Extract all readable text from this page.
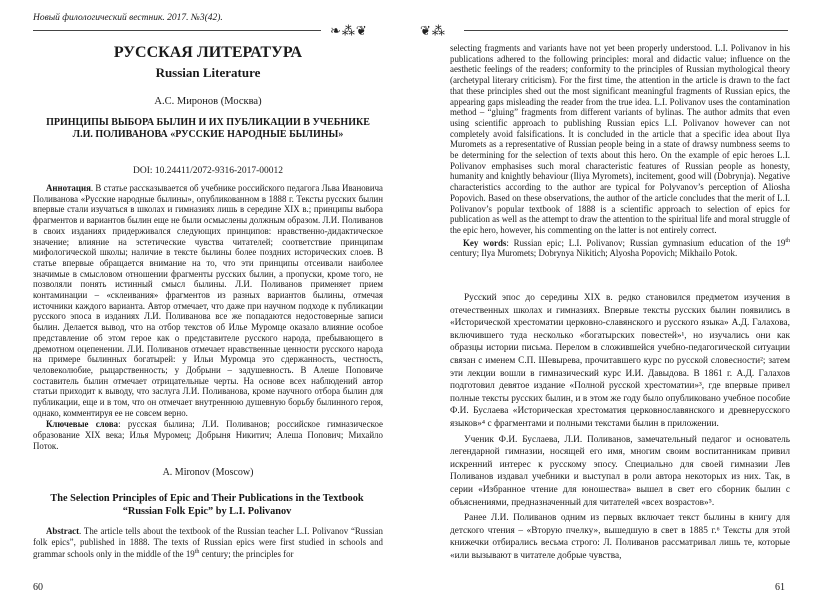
Новый филологический вестник. 2017. №3(42).
❧⁂❦
РУССКАЯ ЛИТЕРАТУРА
Russian Literature
А.С. Миронов (Москва)
ПРИНЦИПЫ ВЫБОРА БЫЛИН И ИХ ПУБЛИКАЦИИ В УЧЕБНИКЕ Л.И. ПОЛИВАНОВА «РУССКИЕ НАРОДНЫЕ БЫЛИНЫ»
DOI: 10.24411/2072-9316-2017-00012

Аннотация. В статье рассказывается об учебнике российского педагога Льва Ивановича Поливанова «Русские народные былины», опубликованном в 1888 г. Тексты русских былин впервые стали изучаться в школах и гимназиях лишь в середине XIX в.; принципы выбора фрагментов и вариантов былин еще не были осмыслены должным образом. Л.И. Поливанов в своих изданиях придерживался следующих принципов: нравственно-дидактическое значение; влияние на эстетические чувства читателей; соответствие принципам мифологической школы; наличие в тексте былины более поздних исторических слоев. В статье впервые обращается внимание на то, что эти принципы отсеивали наиболее значимые в смысловом отношении фрагменты русских былин, а пропуски, кроме того, не позволяли понять истинный смысл былины. Л.И. Поливанов применяет прием контаминации – «склеивания» фрагментов из разных вариантов былины, отмечая источники каждого варианта. Автор отмечает, что даже при научном подходе к публикации русского эпоса в изданиях Л.И. Поливанова все же попадаются недостоверные записи былин. Делается вывод, что на отбор текстов об Илье Муромце оказало влияние особое представление об этом герое как о представителе русского народа, пребывающего в дремотном оцепенении. Л.И. Поливанов отмечает нравственные ценности русского народа на примере былинных богатырей: у Ильи Муромца это сдержанность, честность, человеколюбие, рыцарственность; у Добрыни – задушевность. В Алеше Поповиче составитель былин отмечает отрицательные черты. На основе всех наблюдений автор статьи приходит к выводу, что заслуга Л.И. Поливанова, кроме научного отбора былин для публикации, еще и в том, что он отмечает внутреннюю душевную борьбу былинного героя, однако, комментируя ее не совсем верно.

Ключевые слова: русская былина; Л.И. Поливанов; российское гимназическое образование XIX века; Илья Муромец; Добрыня Никитич; Алеша Попович; Михайло Поток.

A. Mironov (Moscow)
The Selection Principles of Epic and Their Publications in the Textbook “Russian Folk Epic” by L.I. Polivanov

Abstract. The article tells about the textbook of the Russian teacher L.I. Polivanov “Russian folk epics”, published in 1888. The texts of Russian epics were first studied in schools and grammar schools only in the middle of the 19th century; the principles for

60
❦⁂

selecting fragments and variants have not yet been properly understood. L.I. Polivanov in his publications adhered to the following principles: moral and didactic value; influence on the aesthetic feelings of the readers; conformity to the principles of Russian mythological theory (archetypal literary criticism). For the first time, the attention in the article is drawn to the fact that these principles shed out the most significant meaningful fragments of Russian epics, the appearing gaps misleading the reader from the true idea. L.I. Polivanov uses the contamination method – “gluing” fragments from different variants of bylinas. The author admits that even using scientific approach to publishing Russian epics L.I. Polivanov however can not completely avoid falsifications. It is concluded in the article that a specific idea about Ilya Muromets as a representative of Russian people being in a state of drawsy numbness seems to be determining for the selection of texts about this hero. On the example of epic heroes L.I. Polivanov emphasises such moral characteristic features of Russian people as honesty, humanity and knightly behaviour (Iliya Myromets), incitement, good will (Dobrynja). Negative characteristics according to the author are typical for Polyvanov’s perception of Aliosha Popovich. Based on these observations, the author of the article concludes that the merit of L.I. Polivanov’s popular textbook of 1888 is a scientific approach to selection of epics for publication as well as the attempt to draw the attention to the spiritual life and moral struggle of the epic hero, however, his commenting on the latter is not entirely correct.

Key words: Russian epic; L.I. Polivanov; Russian gymnasium education of the 19th century; Ilya Muromets; Dobrynya Nikitich; Alyosha Popovich; Mikhailo Potok.

Русский эпос до середины XIX в. редко становился предметом изучения в отечественных школах и гимназиях. Впервые тексты русских былин появились в «Исторической хрестоматии церковно-славянского и русского языка» А.Д. Галахова, включившего туда несколько «богатырских повестей»¹, но изучались они как образцы истории письма. Перелом в сложившейся учебно-педагогической ситуации связан с именем С.П. Шевырева, прочитавшего курс по русской словесности²; затем эти лекции вошли в гимназический курс И.И. Давыдова. В 1861 г. А.Д. Галахов подготовил девятое издание «Полной русской хрестоматии»³, где впервые привел полные тексты русских былин, и в этом же году было опубликовано учебное пособие Ф.И. Буслаева «Историческая хрестоматия церковнославянского и древнерусского языков»⁴ с фрагментами и полными текстами былин в приложении.

Ученик Ф.И. Буслаева, Л.И. Поливанов, замечательный педагог и основатель легендарной гимназии, носящей его имя, многим своим воспитанникам привил искренний интерес к русскому эпосу. Специально для своей гимназии Лев Поливанов издавал учебники и выступал в роли автора некоторых из них. Так, в серии «Избранное чтение для юношества» вышел в свет его сборник былин с объяснениями, предназначенный для читателей «всех возрастов»⁵.

Ранее Л.И. Поливанов одним из первых включает текст былины в книгу для детского чтения – «Вторую пчелку», вышедшую в свет в 1885 г.⁶ Тексты для этой книжечки отбирались весьма строго: Л. Поливанов рассматривал лишь те, которые «или вызывают в читателе добрые чувства,

61
